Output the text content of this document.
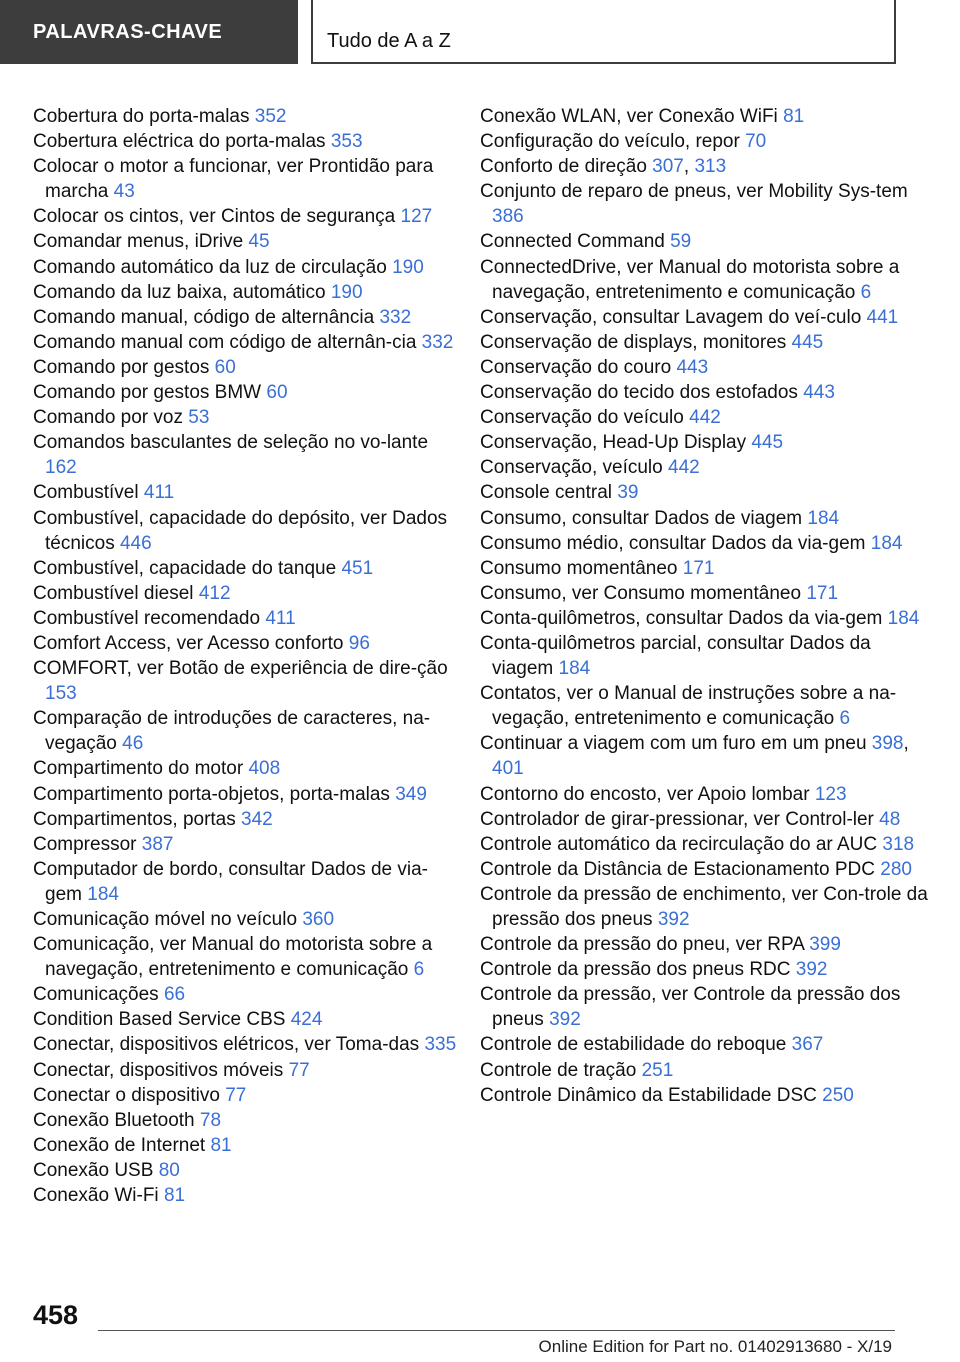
PALAVRAS-CHAVE	Tudo de A a Z
Cobertura do porta-malas 352
Cobertura eléctrica do porta-malas 353
Colocar o motor a funcionar, ver Prontidão para marcha 43
Colocar os cintos, ver Cintos de segurança 127
Comandar menus, iDrive 45
Comando automático da luz de circulação 190
Comando da luz baixa, automático 190
Comando manual, código de alternância 332
Comando manual com código de alternân-cia 332
Comando por gestos 60
Comando por gestos BMW 60
Comando por voz 53
Comandos basculantes de seleção no vo-lante 162
Combustível 411
Combustível, capacidade do depósito, ver Dados técnicos 446
Combustível, capacidade do tanque 451
Combustível diesel 412
Combustível recomendado 411
Comfort Access, ver Acesso conforto 96
COMFORT, ver Botão de experiência de dire-ção 153
Comparação de introduções de caracteres, na-vegação 46
Compartimento do motor 408
Compartimento porta-objetos, porta-malas 349
Compartimentos, portas 342
Compressor 387
Computador de bordo, consultar Dados de via-gem 184
Comunicação móvel no veículo 360
Comunicação, ver Manual do motorista sobre a navegação, entretenimento e comunicação 6
Comunicações 66
Condition Based Service CBS 424
Conectar, dispositivos elétricos, ver Toma-das 335
Conectar, dispositivos móveis 77
Conectar o dispositivo 77
Conexão Bluetooth 78
Conexão de Internet 81
Conexão USB 80
Conexão Wi-Fi 81
Conexão WLAN, ver Conexão WiFi 81
Configuração do veículo, repor 70
Conforto de direção 307, 313
Conjunto de reparo de pneus, ver Mobility Sys-tem 386
Connected Command 59
ConnectedDrive, ver Manual do motorista sobre a navegação, entretenimento e comunicação 6
Conservação, consultar Lavagem do veí-culo 441
Conservação de displays, monitores 445
Conservação do couro 443
Conservação do tecido dos estofados 443
Conservação do veículo 442
Conservação, Head-Up Display 445
Conservação, veículo 442
Console central 39
Consumo, consultar Dados de viagem 184
Consumo médio, consultar Dados da via-gem 184
Consumo momentâneo 171
Consumo, ver Consumo momentâneo 171
Conta-quilômetros, consultar Dados da via-gem 184
Conta-quilômetros parcial, consultar Dados da viagem 184
Contatos, ver o Manual de instruções sobre a na-vegação, entretenimento e comunicação 6
Continuar a viagem com um furo em um pneu 398, 401
Contorno do encosto, ver Apoio lombar 123
Controlador de girar-pressionar, ver Control-ler 48
Controle automático da recirculação do ar AUC 318
Controle da Distância de Estacionamento PDC 280
Controle da pressão de enchimento, ver Con-trole da pressão dos pneus 392
Controle da pressão do pneu, ver RPA 399
Controle da pressão dos pneus RDC 392
Controle da pressão, ver Controle da pressão dos pneus 392
Controle de estabilidade do reboque 367
Controle de tração 251
Controle Dinâmico da Estabilidade DSC 250
458
Online Edition for Part no. 01402913680 - X/19
